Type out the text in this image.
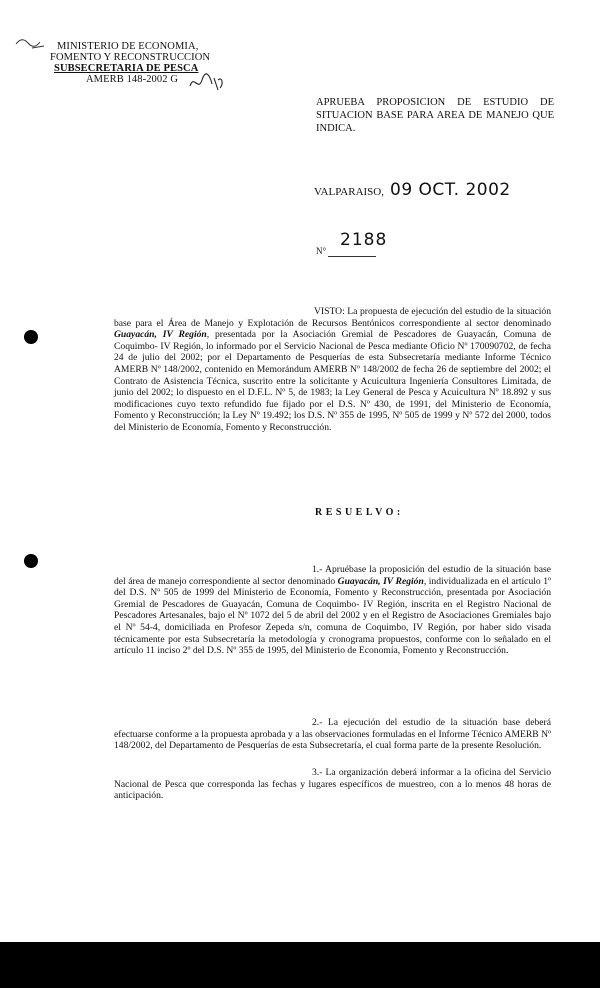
MINISTERIO DE ECONOMIA,
FOMENTO Y RECONSTRUCCION
SUBSECRETARIA DE PESCA
AMERB 148-2002 G
APRUEBA PROPOSICION DE ESTUDIO DE SITUACION BASE PARA AREA DE MANEJO QUE INDICA.
VALPARAISO, 09 OCT. 2002
N°
2188

VISTO: La propuesta de ejecución del estudio de la situación base para el Área de Manejo y Explotación de Recursos Bentónicos correspondiente al sector denominado Guayacán, IV Región, presentada por la Asociación Gremial de Pescadores de Guayacán, Comuna de Coquimbo- IV Región, lo informado por el Servicio Nacional de Pesca mediante Oficio Nº 170090702, de fecha 24 de julio del 2002; por el Departamento de Pesquerías de esta Subsecretaría mediante Informe Técnico AMERB Nº 148/2002, contenido en Memorándum AMERB Nº 148/2002 de fecha 26 de septiembre del 2002; el Contrato de Asistencia Técnica, suscrito entre la solicitante y Acuicultura Ingeniería Consultores Limitada, de junio del 2002; lo dispuesto en el D.F.L. Nº 5, de 1983; la Ley General de Pesca y Acuicultura Nº 18.892 y sus modificaciones cuyo texto refundido fue fijado por el D.S. Nº 430, de 1991, del Ministerio de Economía, Fomento y Reconstrucción; la Ley Nº 19.492; los D.S. Nº 355 de 1995, Nº 505 de 1999 y Nº 572 del 2000, todos del Ministerio de Economía, Fomento y Reconstrucción.

RESUELVO:

1.- Apruébase la proposición del estudio de la situación base del área de manejo correspondiente al sector denominado Guayacán, IV Región, individualizada en el artículo 1º del D.S. Nº 505 de 1999 del Ministerio de Economía, Fomento y Reconstrucción, presentada por Asociación Gremial de Pescadores de Guayacán, Comuna de Coquimbo- IV Región, inscrita en el Registro Nacional de Pescadores Artesanales, bajo el Nº 1072 del 5 de abril del 2002 y en el Registro de Asociaciones Gremiales bajo el Nº 54-4, domiciliada en Profesor Zepeda s/n, comuna de Coquimbo, IV Región, por haber sido visada técnicamente por esta Subsecretaría la metodología y cronograma propuestos, conforme con lo señalado en el artículo 11 inciso 2º del D.S. Nº 355 de 1995, del Ministerio de Economía, Fomento y Reconstrucción.

2.- La ejecución del estudio de la situación base deberá efectuarse conforme a la propuesta aprobada y a las observaciones formuladas en el Informe Técnico AMERB Nº 148/2002, del Departamento de Pesquerías de esta Subsecretaría, el cual forma parte de la presente Resolución.

3.- La organización deberá informar a la oficina del Servicio Nacional de Pesca que corresponda las fechas y lugares específicos de muestreo, con a lo menos 48 horas de anticipación.
